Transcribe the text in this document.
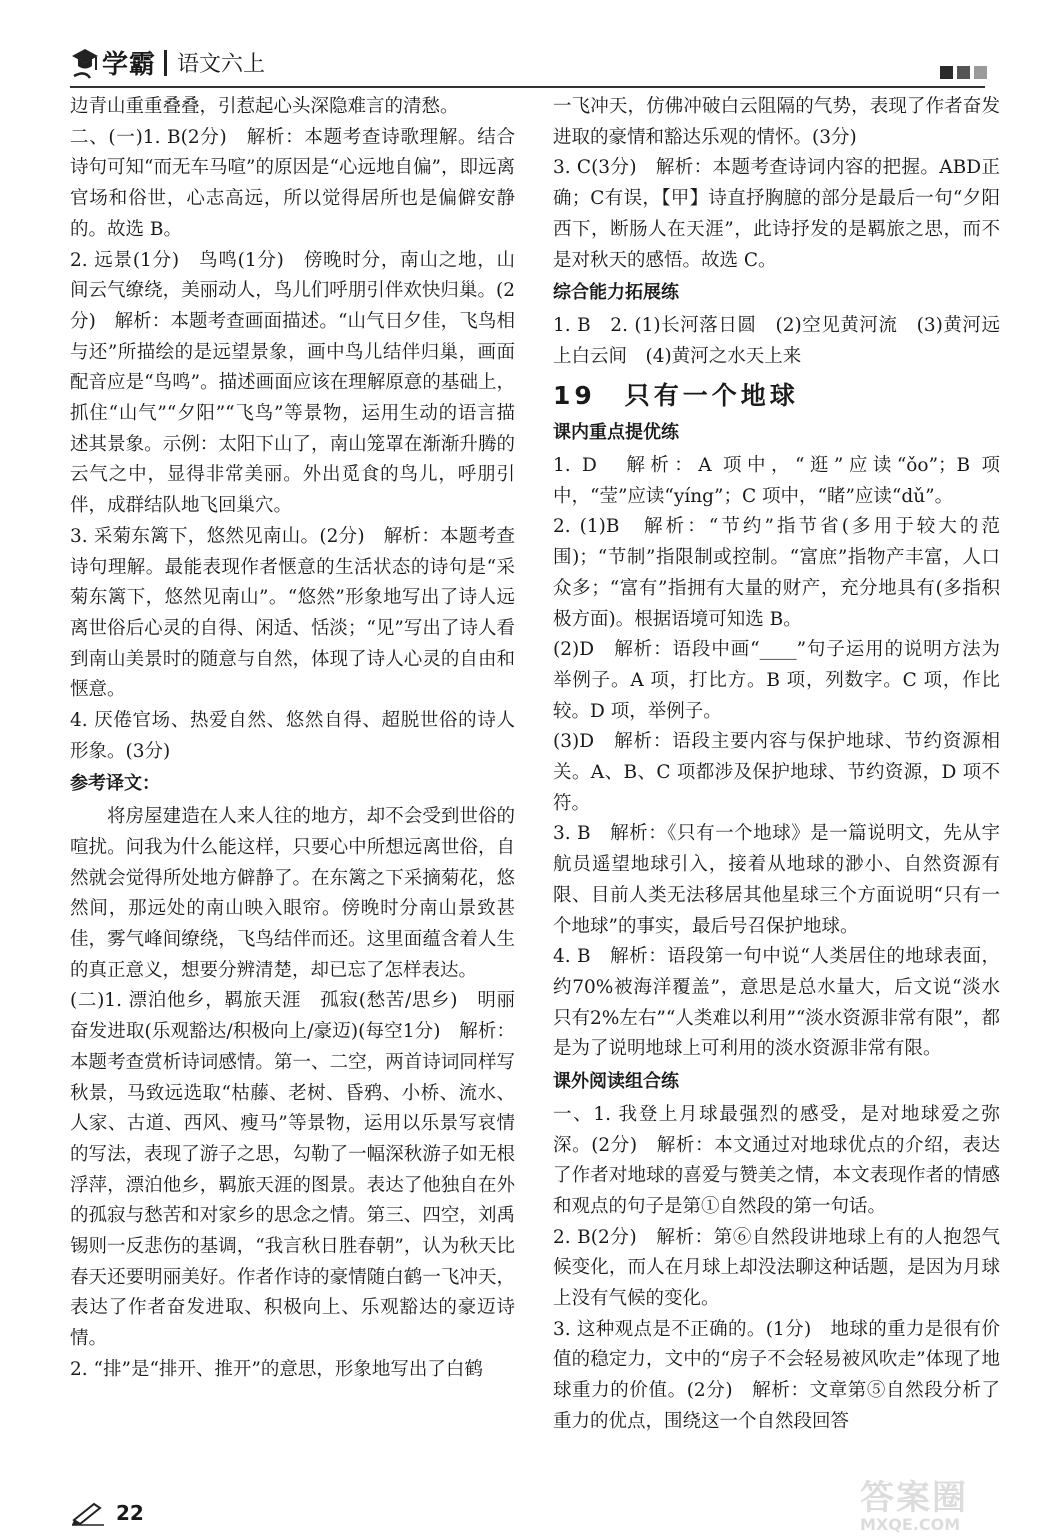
学霸 语文六上

边青山重重叠叠，引惹起心头深隐难言的清愁。

二、(一)1. B(2分)　解析：本题考查诗歌理解。结合诗句可知“而无车马喧”的原因是“心远地自偏”，即远离官场和俗世，心志高远，所以觉得居所也是偏僻安静的。故选 B。

2. 远景(1分)　鸟鸣(1分)　傍晚时分，南山之地，山间云气缭绕，美丽动人，鸟儿们呼朋引伴欢快归巢。(2分)　解析：本题考查画面描述。“山气日夕佳，飞鸟相与还”所描绘的是远望景象，画中鸟儿结伴归巢，画面配音应是“鸟鸣”。描述画面应该在理解原意的基础上，抓住“山气”“夕阳”“飞鸟”等景物，运用生动的语言描述其景象。示例：太阳下山了，南山笼罩在渐渐升腾的云气之中，显得非常美丽。外出觅食的鸟儿，呼朋引伴，成群结队地飞回巢穴。

3. 采菊东篱下，悠然见南山。(2分)　解析：本题考查诗句理解。最能表现作者惬意的生活状态的诗句是“采菊东篱下，悠然见南山”。“悠然”形象地写出了诗人远离世俗后心灵的自得、闲适、恬淡；“见”写出了诗人看到南山美景时的随意与自然，体现了诗人心灵的自由和惬意。

4. 厌倦官场、热爱自然、悠然自得、超脱世俗的诗人形象。(3分)

参考译文：

将房屋建造在人来人往的地方，却不会受到世俗的喧扰。问我为什么能这样，只要心中所想远离世俗，自然就会觉得所处地方僻静了。在东篱之下采摘菊花，悠然间，那远处的南山映入眼帘。傍晚时分南山景致甚佳，雾气峰间缭绕，飞鸟结伴而还。这里面蕴含着人生的真正意义，想要分辨清楚，却已忘了怎样表达。

(二)1. 漂泊他乡，羁旅天涯　孤寂(愁苦/思乡)　明丽　奋发进取(乐观豁达/积极向上/豪迈)(每空1分)　解析：本题考查赏析诗词感情。第一、二空，两首诗词同样写秋景，马致远选取“枯藤、老树、昏鸦、小桥、流水、人家、古道、西风、瘦马”等景物，运用以乐景写哀情的写法，表现了游子之思，勾勒了一幅深秋游子如无根浮萍，漂泊他乡，羁旅天涯的图景。表达了他独自在外的孤寂与愁苦和对家乡的思念之情。第三、四空，刘禹锡则一反悲伤的基调，“我言秋日胜春朝”，认为秋天比春天还要明丽美好。作者作诗的豪情随白鹤一飞冲天，表达了作者奋发进取、积极向上、乐观豁达的豪迈诗情。

2. “排”是“排开、推开”的意思，形象地写出了白鹤

一飞冲天，仿佛冲破白云阻隔的气势，表现了作者奋发进取的豪情和豁达乐观的情怀。(3分)

3. C(3分)　解析：本题考查诗词内容的把握。ABD正确；C有误，【甲】诗直抒胸臆的部分是最后一句“夕阳西下，断肠人在天涯”，此诗抒发的是羁旅之思，而不是对秋天的感悟。故选 C。

综合能力拓展练

1. B　2. (1)长河落日圆　(2)空见黄河流　(3)黄河远上白云间　(4)黄河之水天上来

19　只有一个地球

课内重点提优练

1. D　解析：A 项中，“逛”应读“ǒo”；B 项中，“莹”应读“yíng”；C 项中，“睹”应读“dǔ”。

2. (1)B　解析：“节约”指节省(多用于较大的范围)；“节制”指限制或控制。“富庶”指物产丰富，人口众多；“富有”指拥有大量的财产，充分地具有(多指积极方面)。根据语境可知选 B。

(2)D　解析：语段中画“____”句子运用的说明方法为举例子。A 项，打比方。B 项，列数字。C 项，作比较。D 项，举例子。

(3)D　解析：语段主要内容与保护地球、节约资源相关。A、B、C 项都涉及保护地球、节约资源，D 项不符。

3. B　解析：《只有一个地球》是一篇说明文，先从宇航员遥望地球引入，接着从地球的渺小、自然资源有限、目前人类无法移居其他星球三个方面说明“只有一个地球”的事实，最后号召保护地球。

4. B　解析：语段第一句中说“人类居住的地球表面，约70%被海洋覆盖”，意思是总水量大，后文说“淡水只有2%左右”“人类难以利用”“淡水资源非常有限”，都是为了说明地球上可利用的淡水资源非常有限。

课外阅读组合练

一、1. 我登上月球最强烈的感受，是对地球爱之弥深。(2分)　解析：本文通过对地球优点的介绍，表达了作者对地球的喜爱与赞美之情，本文表现作者的情感和观点的句子是第①自然段的第一句话。

2. B(2分)　解析：第⑥自然段讲地球上有的人抱怨气候变化，而人在月球上却没法聊这种话题，是因为月球上没有气候的变化。

3. 这种观点是不正确的。(1分)　地球的重力是很有价值的稳定力，文中的“房子不会轻易被风吹走”体现了地球重力的价值。(2分)　解析：文章第⑤自然段分析了重力的优点，围绕这一个自然段回答

22	答案圈
MXQE.COM
